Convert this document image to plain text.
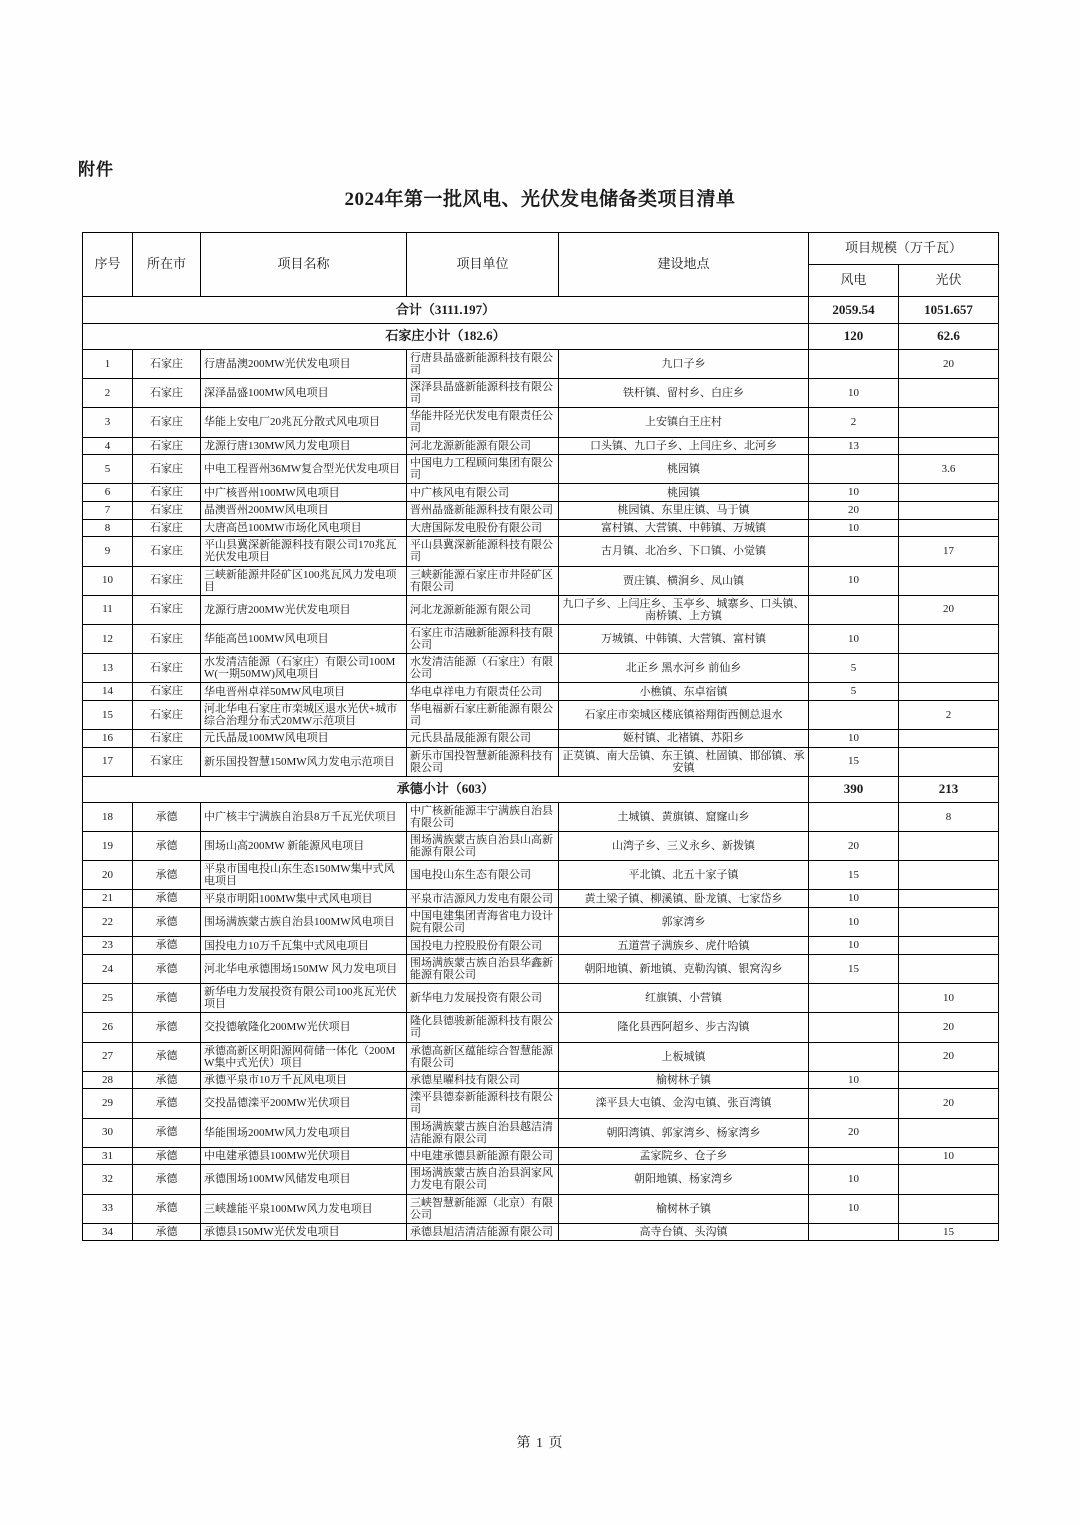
附件
2024年第一批风电、光伏发电储备类项目清单
序号	所在市	项目名称	项目单位	建设地点	项目规模（万千瓦）	
					风电	光伏
合计（3111.197）					2059.54	1051.657
石家庄小计（182.6）					120	62.6
1	石家庄	行唐晶澳200MW光伏发电项目	行唐县晶盛新能源科技有限公司	九口子乡		20
2	石家庄	深泽晶盛100MW风电项目	深泽县晶盛新能源科技有限公司	铁杆镇、留村乡、白庄乡	10	
3	石家庄	华能上安电厂20兆瓦分散式风电项目	华能井陉光伏发电有限责任公司	上安镇白王庄村	2	
4	石家庄	龙源行唐130MW风力发电项目	河北龙源新能源有限公司	口头镇、九口子乡、上闫庄乡、北河乡	13	
5	石家庄	中电工程晋州36MW复合型光伏发电项目	中国电力工程顾问集团有限公司	桃园镇		3.6
6	石家庄	中广核晋州100MW风电项目	中广核风电有限公司	桃园镇	10	
7	石家庄	晶澳晋州200MW风电项目	晋州晶盛新能源科技有限公司	桃园镇、东里庄镇、马于镇	20	
8	石家庄	大唐高邑100MW市场化风电项目	大唐国际发电股份有限公司	富村镇、大营镇、中韩镇、万城镇	10	
9	石家庄	平山县冀深新能源科技有限公司170兆瓦光伏发电项目	平山县冀深新能源科技有限公司	古月镇、北冶乡、下口镇、小觉镇		17
10	石家庄	三峡新能源井陉矿区100兆瓦风力发电项目	三峡新能源石家庄市井陉矿区有限公司	贾庄镇、横涧乡、凤山镇	10	
11	石家庄	龙源行唐200MW光伏发电项目	河北龙源新能源有限公司	九口子乡、上闫庄乡、玉亭乡、城寨乡、口头镇、南桥镇、上方镇		20
12	石家庄	华能高邑100MW风电项目	石家庄市洁融新能源科技有限公司	万城镇、中韩镇、大营镇、富村镇	10	
13	石家庄	水发清洁能源（石家庄）有限公司100MW(一期50MW)风电项目	水发清洁能源（石家庄）有限公司	北正乡 黑水河乡 前仙乡	5	
14	石家庄	华电晋州卓祥50MW风电项目	华电卓祥电力有限责任公司	小樵镇、东卓宿镇	5	
15	石家庄	河北华电石家庄市栾城区退水光伏+城市综合治理分布式20MW示范项目	华电福新石家庄新能源有限公司	石家庄市栾城区楼底镇裕翔街西侧总退水		2
16	石家庄	元氏晶晟100MW风电项目	元氏县晶晟能源有限公司	姬村镇、北褚镇、苏阳乡	10	
17	石家庄	新乐国投智慧150MW风力发电示范项目	新乐市国投智慧新能源科技有限公司	正莫镇、南大岳镇、东王镇、杜固镇、邯邰镇、承安镇	15	
承德小计（603）					390	213
18	承德	中广核丰宁满族自治县8万千瓦光伏项目	中广核新能源丰宁满族自治县有限公司	土城镇、黄旗镇、窟窿山乡		8
19	承德	围场山高200MW 新能源风电项目	围场满族蒙古族自治县山高新能源有限公司	山湾子乡、三义永乡、新拨镇	20	
20	承德	平泉市国电投山东生态150MW集中式风电项目	国电投山东生态有限公司	平北镇、北五十家子镇	15	
21	承德	平泉市明阳100MW集中式风电项目	平泉市洁源风力发电有限公司	黄土梁子镇、柳溪镇、卧龙镇、七家岱乡	10	
22	承德	围场满族蒙古族自治县100MW风电项目	中国电建集团青海省电力设计院有限公司	郭家湾乡	10	
23	承德	国投电力10万千瓦集中式风电项目	国投电力控股股份有限公司	五道营子满族乡、虎什哈镇	10	
24	承德	河北华电承德围场150MW 风力发电项目	围场满族蒙古族自治县华鑫新能源有限公司	朝阳地镇、新地镇、克勒沟镇、银窝沟乡	15	
25	承德	新华电力发展投资有限公司100兆瓦光伏项目	新华电力发展投资有限公司	红旗镇、小营镇		10
26	承德	交投德敏隆化200MW光伏项目	隆化县德骏新能源科技有限公司	隆化县西阿超乡、步古沟镇		20
27	承德	承德高新区明阳源网荷储一体化（200MW集中式光伏）项目	承德高新区蕴能综合智慧能源有限公司	上板城镇		20
28	承德	承德平泉市10万千瓦风电项目	承德星曜科技有限公司	榆树林子镇	10	
29	承德	交投晶德滦平200MW光伏项目	滦平县德泰新能源科技有限公司	滦平县大屯镇、金沟屯镇、张百湾镇		20
30	承德	华能围场200MW风力发电项目	围场满族蒙古族自治县越洁清洁能源有限公司	朝阳湾镇、郭家湾乡、杨家湾乡	20	
31	承德	中电建承德县100MW光伏项目	中电建承德县新能源有限公司	孟家院乡、仓子乡		10
32	承德	承德围场100MW风储发电项目	围场满族蒙古族自治县润家风力发电有限公司	朝阳地镇、杨家湾乡	10	
33	承德	三峡雄能平泉100MW风力发电项目	三峡智慧新能源（北京）有限公司	榆树林子镇	10	
34	承德	承德县150MW光伏发电项目	承德县旭洁清洁能源有限公司	高寺台镇、头沟镇		15
第 1 页
